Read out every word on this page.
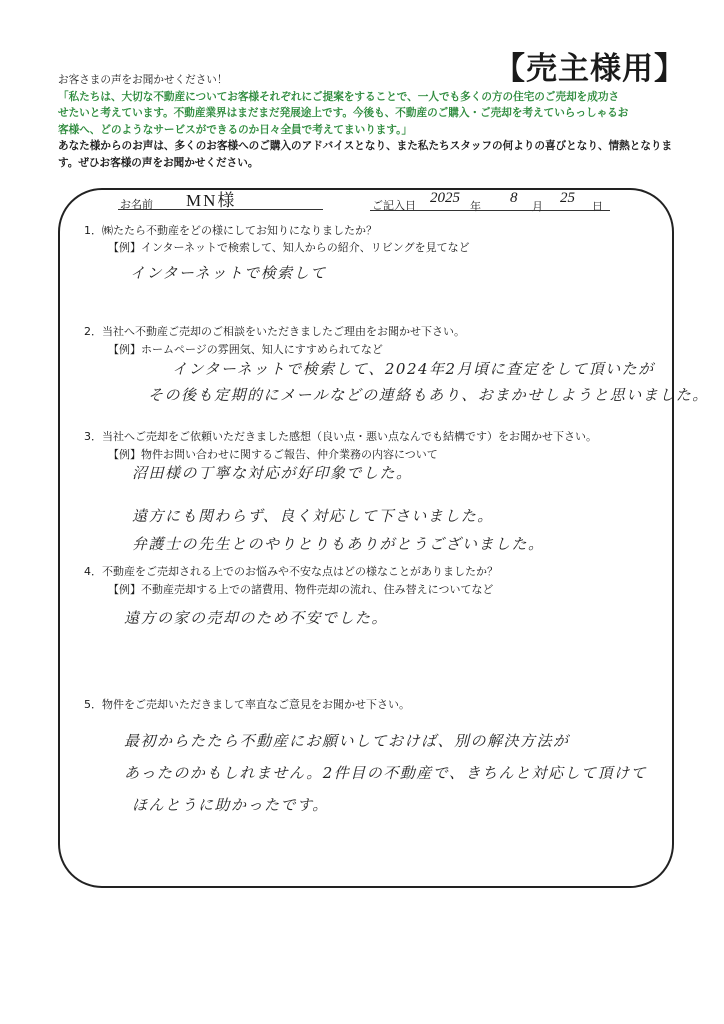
【売主様用】
お客さまの声をお聞かせください！
「私たちは、大切な不動産についてお客様それぞれにご提案をすることで、一人でも多くの方の住宅のご売却を成功さ
せたいと考えています。不動産業界はまだまだ発展途上です。今後も、不動産のご購入・ご売却を考えていらっしゃるお
客様へ、どのようなサービスができるのか日々全員で考えてまいります。」
あなた様からのお声は、多くのお客様へのご購入のアドバイスとなり、また私たちスタッフの何よりの喜びとなり、情熱となりま
す。ぜひお客様の声をお聞かせください。
お名前 MN様	ご記入日 2025
年
8
月
25
日
1．㈱たたら不動産をどの様にしてお知りになりましたか？
【例】インターネットで検索して、知人からの紹介、リビングを見てなど
インターネットで検索して
2．当社へ不動産ご売却のご相談をいただきましたご理由をお聞かせ下さい。
【例】ホームページの雰囲気、知人にすすめられてなど
インターネットで検索して、2024年2月頃に査定をして頂いたが
その後も定期的にメールなどの連絡もあり、おまかせしようと思いました。
3．当社へご売却をご依頼いただきました感想（良い点・悪い点なんでも結構です）をお聞かせ下さい。
【例】物件お問い合わせに関するご報告、仲介業務の内容について
沼田様の丁寧な対応が好印象でした。
遠方にも関わらず、良く対応して下さいました。
弁護士の先生とのやりとりもありがとうございました。
4．不動産をご売却される上でのお悩みや不安な点はどの様なことがありましたか？
【例】不動産売却する上での諸費用、物件売却の流れ、住み替えについてなど
遠方の家の売却のため不安でした。
5．物件をご売却いただきまして率直なご意見をお聞かせ下さい。
最初からたたら不動産にお願いしておけば、別の解決方法が
あったのかもしれません。2件目の不動産で、きちんと対応して頂けて
ほんとうに助かったです。
